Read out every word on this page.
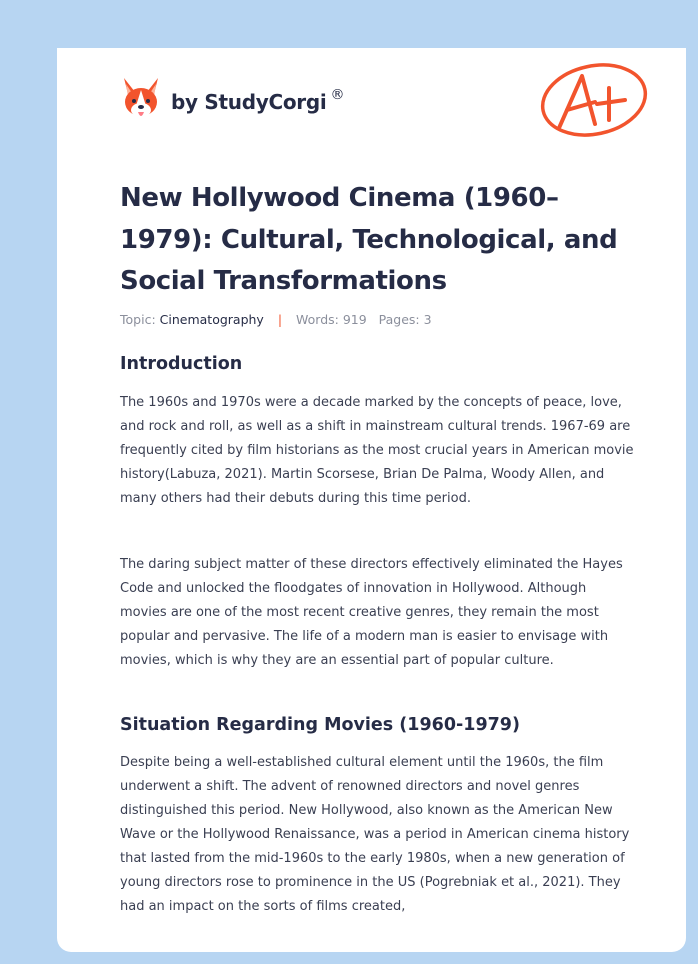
by StudyCorgi ®
New Hollywood Cinema (1960–1979): Cultural, Technological, and Social Transformations
Topic: Cinematography | Words: 919 Pages: 3
Introduction

The 1960s and 1970s were a decade marked by the concepts of peace, love, and rock and roll, as well as a shift in mainstream cultural trends. 1967-69 are frequently cited by film historians as the most crucial years in American movie history(Labuza, 2021). Martin Scorsese, Brian De Palma, Woody Allen, and many others had their debuts during this time period.

The daring subject matter of these directors effectively eliminated the Hayes Code and unlocked the floodgates of innovation in Hollywood. Although movies are one of the most recent creative genres, they remain the most popular and pervasive. The life of a modern man is easier to envisage with movies, which is why they are an essential part of popular culture.

Situation Regarding Movies (1960-1979)

Despite being a well-established cultural element until the 1960s, the film underwent a shift. The advent of renowned directors and novel genres distinguished this period. New Hollywood, also known as the American New Wave or the Hollywood Renaissance, was a period in American cinema history that lasted from the mid-1960s to the early 1980s, when a new generation of young directors rose to prominence in the US (Pogrebniak et al., 2021). They had an impact on the sorts of films created,
